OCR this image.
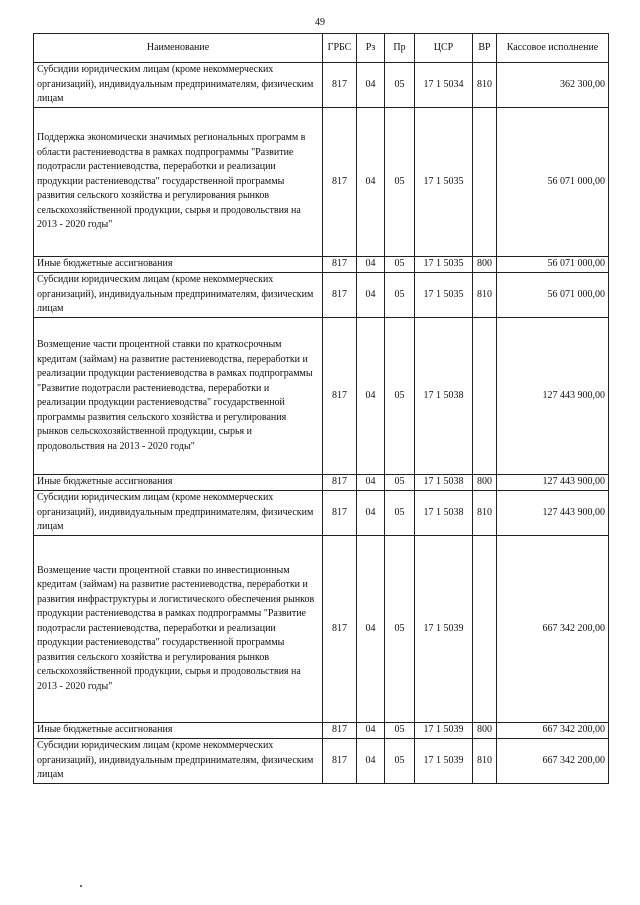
49
Наименование	ГРБС	Рз	Пр	ЦСР	ВР	Кассовое исполнение
Субсидии юридическим лицам (кроме некоммерческих организаций), индивидуальным предпринимателям, физическим лицам	817	04	05	17 1 5034	810	362 300,00
Поддержка экономически значимых региональных программ в области растениеводства в рамках подпрограммы "Развитие подотрасли растениеводства, переработки и реализации продукции растениеводства" государственной программы развития сельского хозяйства и регулирования рынков сельскохозяйственной продукции, сырья и продовольствия на 2013 - 2020 годы"	817	04	05	17 1 5035		56 071 000,00
Иные бюджетные ассигнования	817	04	05	17 1 5035	800	56 071 000,00
Субсидии юридическим лицам (кроме некоммерческих организаций), индивидуальным предпринимателям, физическим лицам	817	04	05	17 1 5035	810	56 071 000,00
Возмещение части процентной ставки по краткосрочным кредитам (займам) на развитие растениеводства, переработки и реализации продукции растениеводства в рамках подпрограммы "Развитие подотрасли растениеводства, переработки и реализации продукции растениеводства" государственной программы развития сельского хозяйства и регулирования рынков сельскохозяйственной продукции, сырья и продовольствия на 2013 - 2020 годы"	817	04	05	17 1 5038		127 443 900,00
Иные бюджетные ассигнования	817	04	05	17 1 5038	800	127 443 900,00
Субсидии юридическим лицам (кроме некоммерческих организаций), индивидуальным предпринимателям, физическим лицам	817	04	05	17 1 5038	810	127 443 900,00
Возмещение части процентной ставки по инвестиционным кредитам (займам) на развитие растениеводства, переработки и развития инфраструктуры и логистического обеспечения рынков продукции растениеводства в рамках подпрограммы "Развитие подотрасли растениеводства, переработки и реализации продукции растениеводства" государственной программы развития сельского хозяйства и регулирования рынков сельскохозяйственной продукции, сырья и продовольствия на 2013 - 2020 годы"	817	04	05	17 1 5039		667 342 200,00
Иные бюджетные ассигнования	817	04	05	17 1 5039	800	667 342 200,00
Субсидии юридическим лицам (кроме некоммерческих организаций), индивидуальным предпринимателям, физическим лицам	817	04	05	17 1 5039	810	667 342 200,00
